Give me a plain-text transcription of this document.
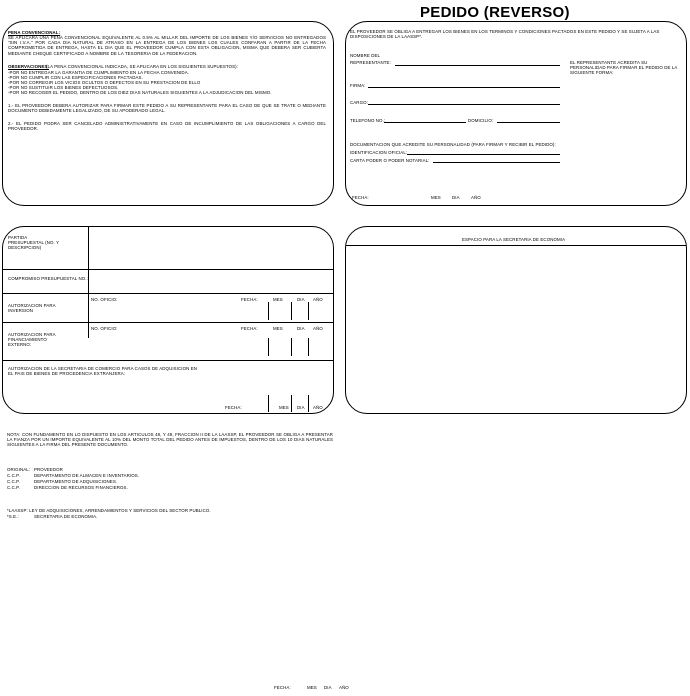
PEDIDO (REVERSO)
PENA CONVENCIONAL:
SE APLICARA UNA PENA CONVENCIONAL EQUIVALENTE AL 0.5% AL MILLAR DEL IMPORTE DE LOS BIENES Y/O SERVICIOS NO ENTREGADOS "SIN I.V.A." POR CADA DIA NATURAL DE ATRASO EN LA ENTREGA DE LOS BIENES LOS CUALES CONFARAN A PARTIR DE LA FECHA COMPROMETIDA DE ENTREGA, HASTA EL DIA QUE EL PROVEEDOR CUMPLA CON ESTA OBLIGACION, MISMA QUE DEBERA SER CUBIERTA MEDIANTE CHEQUE CERTIFICADO A NOMBRE DE LA TESORERIA DE LA FEDERACION.
OBSERVACIONES:
(LA PENA CONVENCIONAL INDICADA, SE APLICARA EN LOS SIGUIENTES SUPUESTOS):
-POR NO ENTREGAR LA GARANTIA DE CUMPLIMIENTO EN LA FECHA CONVENIDA.
-POR NO CUMPLIR CON LAS ESPECIFICACIONES PACTADAS.
-POR NO CORREGIR LOS VICIOS OCULTOS O DEFECTOS EN SU PRESTACION DE ELLO
-POR NO SUSTITUIR LOS BIENES DEFECTUOSOS.
-POR NO RECOGER EL PEDIDO, DENTRO DE LOS DIEZ DIAS NATURALES SIGUIENTES A LA ADJUDICACION DEL MISMO.
1.- EL PROVEEDOR DEBERA AUTORIZAR PARA FIRMAR ESTE PEDIDO A SU REPRESENTANTE PARA EL CASO DE QUE SE TRATE O MEDIANTE DOCUMENTO DEBIDAMENTE LEGALIZADO, DE SU APODERADO LEGAL.
2.- EL PEDIDO PODRA SER CANCELADO ADMINISTRATIVAMENTE EN CASO DE INCUMPLIMIENTO DE LAS OBLIGACIONES A CARGO DEL PROVEEDOR.
EL PROVEEDOR SE OBLIGA A ENTREGAR LOS BIENES EN LOS TERMINOS Y CONDICIONES PACTADOS EN ESTE PEDIDO Y SE SUJETA A LAS DISPOSICIONES DE LA LAASSP*.
NOMBRE DEL
REPRESENTANTE:	EL REPRESENTANTE ACREDITA SU PERSONALIDAD PARA FIRMAR EL PEDIDO DE LA SIGUIENTE FORMA:
FIRMA:
CARGO:
TELEFONO NO.:	DOMICILIO:
DOCUMENTACION QUE ACREDITE SU PERSONALIDAD (PARA FIRMAR Y RECIBIR EL PEDIDO):
IDENTIFICACION OFICIAL:
CARTA PODER O PODER NOTARIAL:
FECHA:	MES	DIA	AÑO
PARTIDA PRESUPUESTAL (NO. Y DESCRIPCION)
COMPROMISO PRESUPUESTAL NO.:
AUTORIZACION PARA INVERSION
NO. OFICIO:	FECHA:	MES	DIA AÑO
AUTORIZACION PARA FINANCIAMIENTO EXTERNO:
NO. OFICIO:	FECHA:	MES	DIA AÑO
AUTORIZACION DE LA SECRETARIA DE COMERCIO PARA CASOS DE ADQUISICION EN EL PAIS DE BIENES DE PROCEDENCIA EXTRANJERA:
FECHA:	MES DIA AÑO
ESPACIO PARA LA SECRETARIA DE ECONOMIA
NOTA: CON FUNDAMENTO EN LO DISPUESTO EN LOS ARTICULOS 48, Y 49, FRACCION II DE LA LAASSP, EL PROVEEDOR SE OBLIGA A PRESENTAR LA FIANZA POR UN IMPORTE EQUIVALENTE AL 10% DEL MONTO TOTAL DEL PEDIDO ANTES DE IMPUESTOS, DENTRO DE LOS 10 DIAS NATURALES SIGUIENTES A LA FIRMA DEL PRESENTE DOCUMENTO.
ORIGINAL: PROVEEDOR
C.C.P.	DEPARTAMENTO DE ALMACEN E INVENTARIOS.
C.C.P.	DEPARTAMENTO DE ADQUISICIONES.
C.C.P.	DIRECCION DE RECURSOS FINANCIEROS.
*LAASSP: LEY DE ADQUISICIONES, ARRENDAMIENTOS Y SERVICIOS DEL SECTOR PUBLICO.
*S.E.:	SECRETARIA DE ECONOMIA.
FECHA:	MES DIA AÑO
